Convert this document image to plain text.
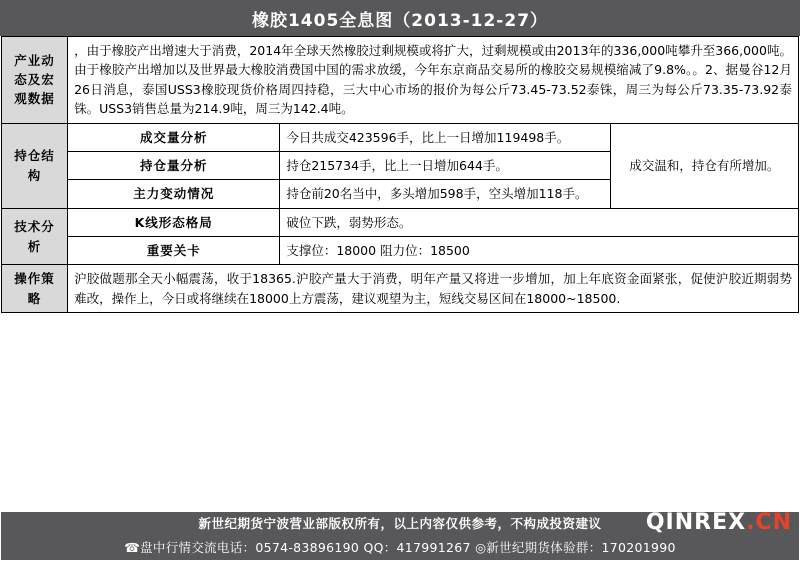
橡胶1405全息图（2013-12-27）
产业动态及宏观数据	，由于橡胶产出增速大于消费，2014年全球天然橡胶过剩规模或将扩大，过剩规模或由2013年的336,000吨攀升至366,000吨。由于橡胶产出增加以及世界最大橡胶消费国中国的需求放缓，今年东京商品交易所的橡胶交易规模缩减了9.8%。。2、据曼谷12月26日消息，泰国USS3橡胶现货价格周四持稳，三大中心市场的报价为每公斤73.45-73.52泰铢，周三为每公斤73.35-73.92泰铢。USS3销售总量为214.9吨，周三为142.4吨。		
持仓结构	成交量分析	今日共成交423596手，比上一日增加119498手。	成交温和，持仓有所增加。
	持仓量分析	持仓215734手，比上一日增加644手。	
	主力变动情况	持仓前20名当中，多头增加598手，空头增加118手。	
技术分析	K线形态格局	破位下跌，弱势形态。	
	重要关卡	支撑位：18000 阻力位：18500	
操作策略	沪胶做题那全天小幅震荡，收于18365.沪胶产量大于消费，明年产量又将进一步增加，加上年底资金面紧张，促使沪胶近期弱势难改，操作上，今日或将继续在18000上方震荡，建议观望为主，短线交易区间在18000~18500.		
新世纪期货宁波营业部版权所有，以上内容仅供参考，不构成投资建议
☎盘中行情交流电话：0574-83896190 QQ：417991267 ◎新世纪期货体验群：170201990
QINREX.CN
